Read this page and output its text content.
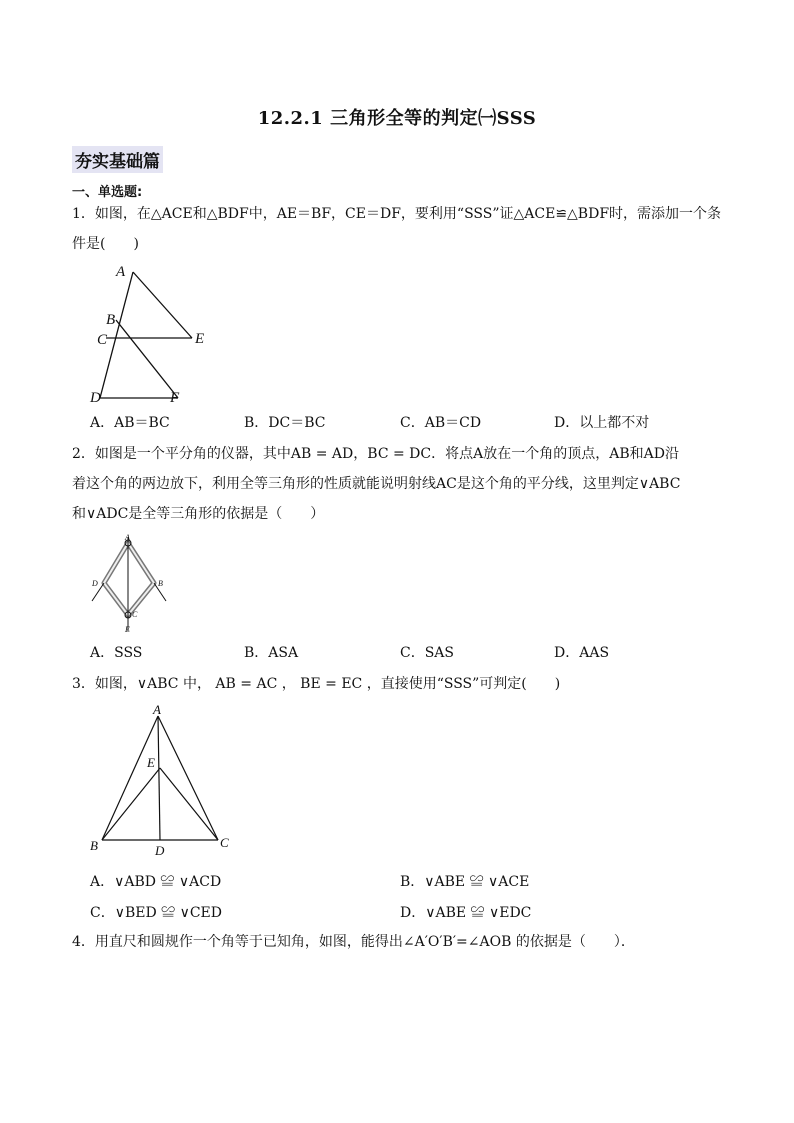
12.2.1 三角形全等的判定㈠SSS
夯实基础篇
一、单选题:
1．如图，在△ACE和△BDF中，AE＝BF，CE＝DF，要利用“SSS”证△ACE≌△BDF时，需添加一个条
件是(　　)
A
B
C	E
D	F
A．AB＝BC	B．DC＝BC	C．AB＝CD	D．以上都不对
2．如图是一个平分角的仪器，其中AB = AD，BC = DC．将点A放在一个角的顶点，AB和AD沿
着这个角的两边放下，利用全等三角形的性质就能说明射线AC是这个角的平分线，这里判定∨ABC
和∨ADC是全等三角形的依据是（　　）
A
D	B
C
E
A．SSS	B．ASA	C．SAS	D．AAS
3．如图，∨ABC 中， AB = AC ， BE = EC ，直接使用“SSS”可判定(　　)
A
E
B	D
C
A．∨ABD ≌ ∨ACD	B．∨ABE ≌ ∨ACE
C．∨BED ≌ ∨CED	D．∨ABE ≌ ∨EDC
4．用直尺和圆规作一个角等于已知角，如图，能得出∠A′O′B′=∠AOB 的依据是（　　）．
